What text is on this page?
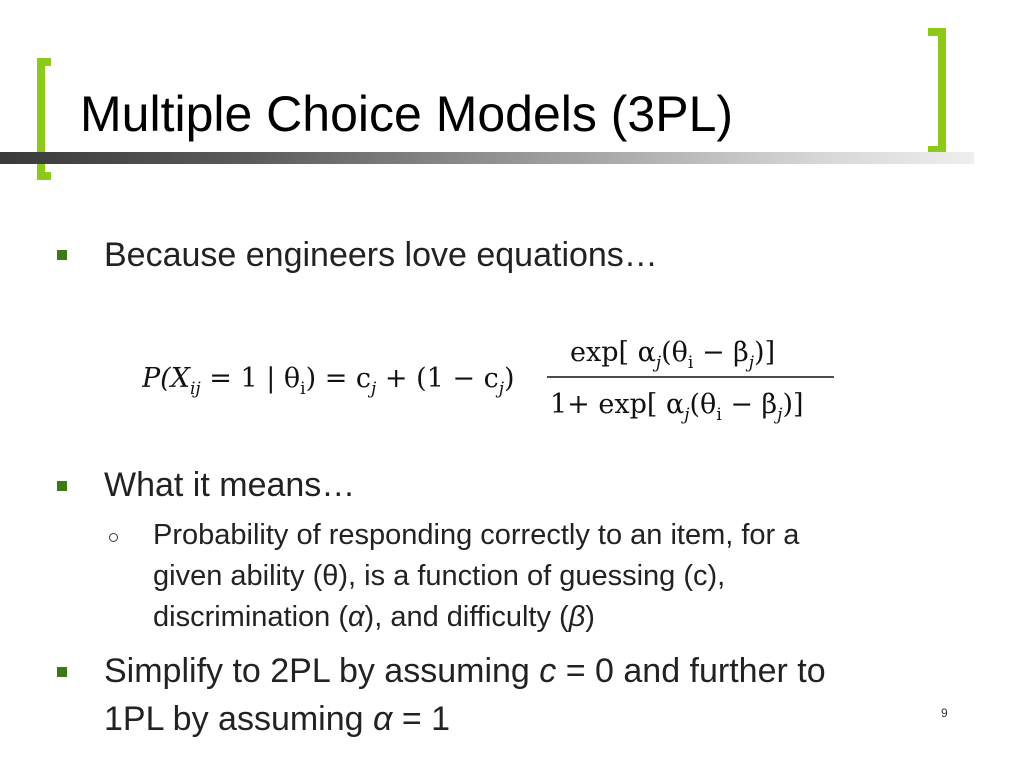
Multiple Choice Models (3PL)
Because engineers love equations…
$P(X_{ij} = 1$ | $\theta_i) = c_j + (1 - c_j)$
exp[ $\alpha_j(\theta_i - \beta_j)$]
1+ exp[ $\alpha_j(\theta_i - \beta_j)$]
What it means…
Probability of responding correctly to an item, for a
given ability (θ), is a function of guessing (c),
discrimination (α), and difficulty (β)
Simplify to 2PL by assuming c = 0 and further to
1PL by assuming α = 1	9
